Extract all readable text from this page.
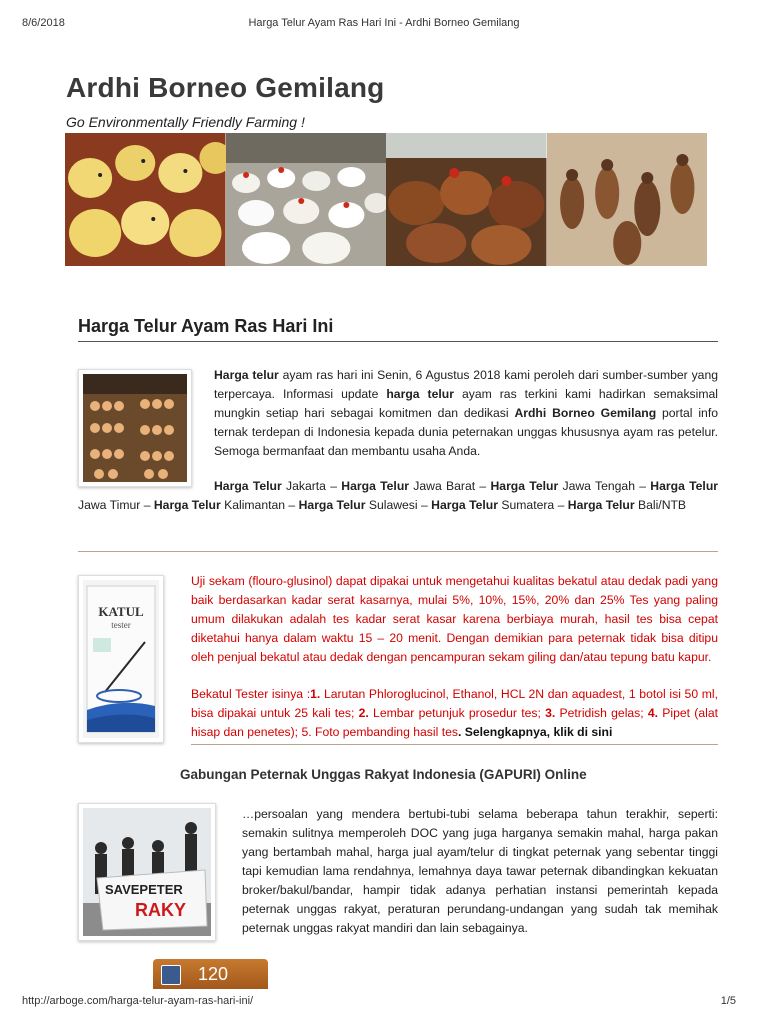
8/6/2018	Harga Telur Ayam Ras Hari Ini - Ardhi Borneo Gemilang
Ardhi Borneo Gemilang
Go Environmentally Friendly Farming !
Harga Telur Ayam Ras Hari Ini
Harga telur ayam ras hari ini Senin, 6 Agustus 2018 kami peroleh dari sumber-sumber yang terpercaya. Informasi update harga telur ayam ras terkini kami hadirkan semaksimal mungkin setiap hari sebagai komitmen dan dedikasi Ardhi Borneo Gemilang portal info ternak terdepan di Indonesia kepada dunia peternakan unggas khususnya ayam ras petelur. Semoga bermanfaat dan membantu usaha Anda.
Harga Telur Jakarta – Harga Telur Jawa Barat – Harga Telur Jawa Tengah – Harga Telur Jawa Timur – Harga Telur Kalimantan – Harga Telur Sulawesi – Harga Telur Sumatera – Harga Telur Bali/NTB
KATUL
tester
Uji sekam (flouro-glusinol) dapat dipakai untuk mengetahui kualitas bekatul atau dedak padi yang baik berdasarkan kadar serat kasarnya, mulai 5%, 10%, 15%, 20% dan 25% Tes yang paling umum dilakukan adalah tes kadar serat kasar karena berbiaya murah, hasil tes bisa cepat diketahui hanya dalam waktu 15 – 20 menit. Dengan demikian para peternak tidak bisa ditipu oleh penjual bekatul atau dedak dengan pencampuran sekam giling dan/atau tepung batu kapur.
Bekatul Tester isinya :1. Larutan Phloroglucinol, Ethanol, HCL 2N dan aquadest, 1 botol isi 50 ml, bisa dipakai untuk 25 kali tes; 2. Lembar petunjuk prosedur tes; 3. Petridish gelas; 4. Pipet (alat hisap dan penetes); 5. Foto pembanding hasil tes. Selengkapnya, klik di sini
Gabungan Peternak Unggas Rakyat Indonesia (GAPURI) Online
SAVEPETER
RAKY
…persoalan yang mendera bertubi-tubi selama beberapa tahun terakhir, seperti: semakin sulitnya memperoleh DOC yang juga harganya semakin mahal, harga pakan yang bertambah mahal, harga jual ayam/telur di tingkat peternak yang sebentar tinggi tapi kemudian lama rendahnya, lemahnya daya tawar peternak dibandingkan kekuatan broker/bakul/bandar, hampir tidak adanya perhatian instansi pemerintah kepada peternak unggas rakyat, peraturan perundang-undangan yang sudah tak memihak peternak unggas rakyat mandiri dan lain sebagainya.
120
http://arboge.com/harga-telur-ayam-ras-hari-ini/	1/5
